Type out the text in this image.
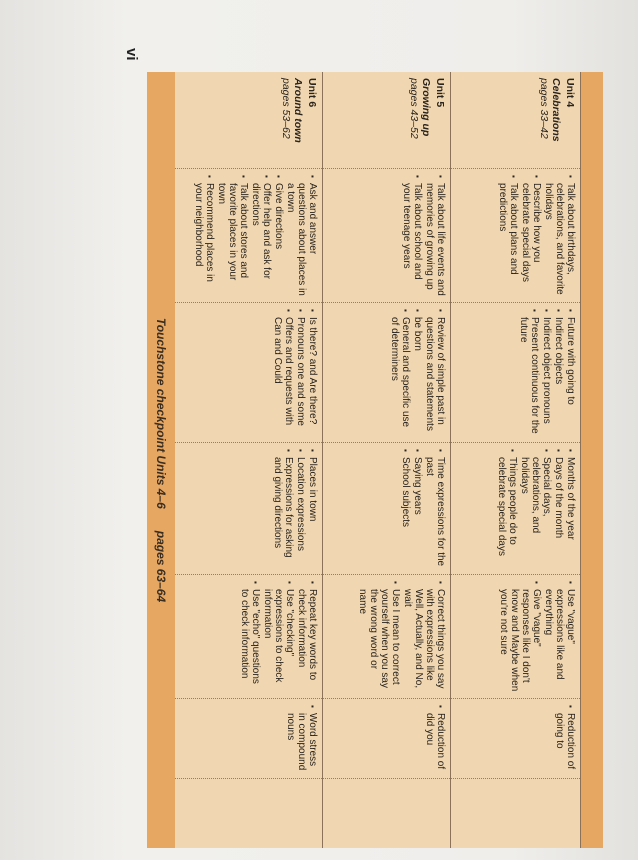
vi
Unit 4
Celebrations
pages 33–42
▪ Talk about birthdays, celebrations, and favorite holidays
▪ Describe how you celebrate special days
▪ Talk about plans and predictions
▪ Future with going to
▪ Indirect objects
▪ Indirect object pronouns
▪ Present continuous for the future
▪ Months of the year
▪ Days of the month
▪ Special days, celebrations, and holidays
▪ Things people do to celebrate special days
▪ Use "vague" expressions like and everything
▪ Give "vague" responses like I don't know and Maybe when you're not sure
▪ Reduction of going to
Unit 5
Growing up
pages 43–52
▪ Talk about life events and memories of growing up
▪ Talk about school and your teenage years
▪ Review of simple past in questions and statements
▪ be born
▪ General and specific use of determiners
▪ Time expressions for the past
▪ Saying years
▪ School subjects
▪ Correct things you say with expressions like Well, Actually, and No, wait
▪ Use I mean to correct yourself when you say the wrong word or name
▪ Reduction of did you
Unit 6
Around town
pages 53–62
▪ Ask and answer questions about places in a town
▪ Give directions
▪ Offer help and ask for directions
▪ Talk about stores and favorite places in your town
▪ Recommend places in your neighborhood
▪ Is there? and Are there?
▪ Pronouns one and some
▪ Offers and requests with Can and Could
▪ Places in town
▪ Location expressions
▪ Expressions for asking and giving directions
▪ Repeat key words to check information
▪ Use "checking" expressions to check information
▪ Use "echo" questions to check information
▪ Word stress in compound nouns
Touchstone checkpoint Units 4–6
pages 63–64
